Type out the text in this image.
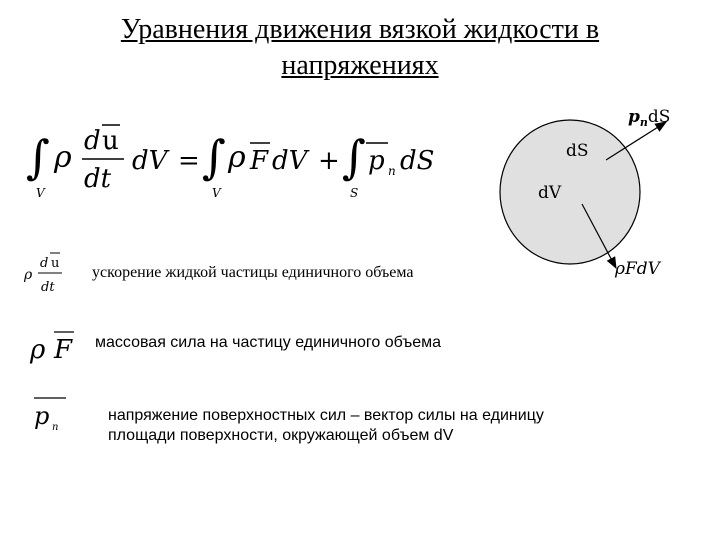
Уравнения движения вязкой жидкости в
напряжениях
∫
V
ρ d u
dt
dV = ∫
V
ρ F dV + ∫
S
p n dS
$p_ndS$
dS
dV
ρFdV
ρ
d u
dt
ускорение жидкой частицы единичного объема
ρ F массовая сила на частицу единичного объема
p n
напряжение поверхностных сил – вектор силы на единицу
площади поверхности, окружающей объем dV
